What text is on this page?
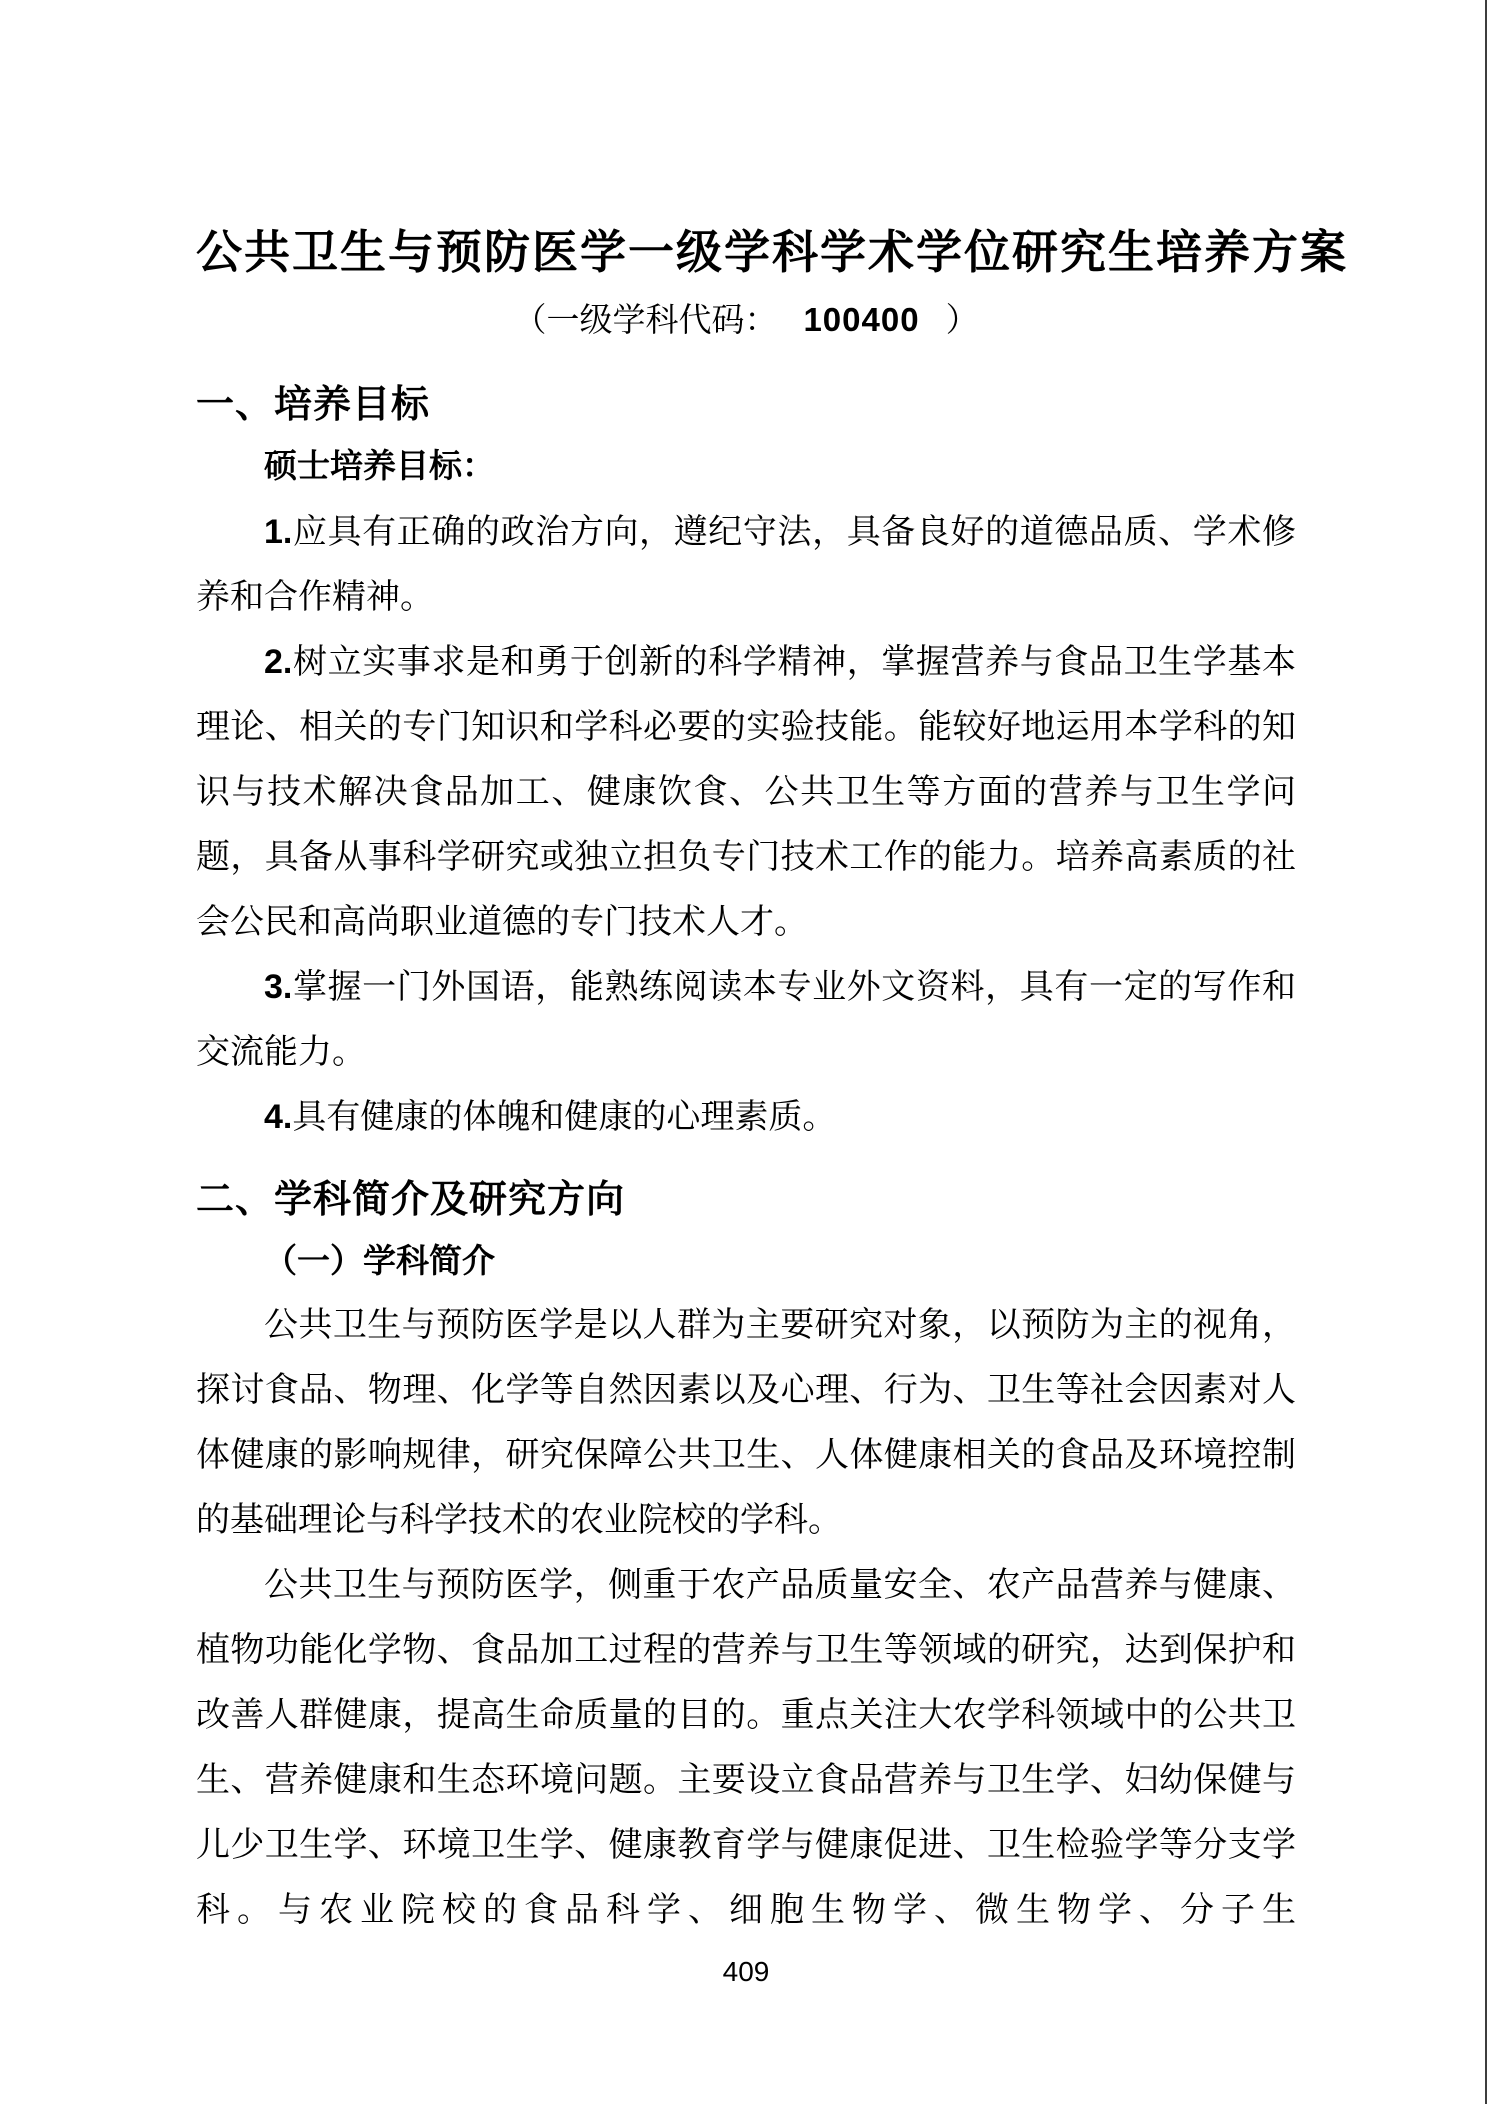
公共卫生与预防医学一级学科学术学位研究生培养方案
（一级学科代码： 100400 ）
一、培养目标
硕士培养目标：

1.应具有正确的政治方向，遵纪守法，具备良好的道德品质、学术修养和合作精神。

2.树立实事求是和勇于创新的科学精神，掌握营养与食品卫生学基本理论、相关的专门知识和学科必要的实验技能。能较好地运用本学科的知识与技术解决食品加工、健康饮食、公共卫生等方面的营养与卫生学问题，具备从事科学研究或独立担负专门技术工作的能力。培养高素质的社会公民和高尚职业道德的专门技术人才。

3.掌握一门外国语，能熟练阅读本专业外文资料，具有一定的写作和交流能力。

4.具有健康的体魄和健康的心理素质。

二、学科简介及研究方向
（一）学科简介

公共卫生与预防医学是以人群为主要研究对象，以预防为主的视角，探讨食品、物理、化学等自然因素以及心理、行为、卫生等社会因素对人体健康的影响规律，研究保障公共卫生、人体健康相关的食品及环境控制的基础理论与科学技术的农业院校的学科。

公共卫生与预防医学，侧重于农产品质量安全、农产品营养与健康、植物功能化学物、食品加工过程的营养与卫生等领域的研究，达到保护和改善人群健康，提高生命质量的目的。重点关注大农学科领域中的公共卫生、营养健康和生态环境问题。主要设立食品营养与卫生学、妇幼保健与儿少卫生学、环境卫生学、健康教育学与健康促进、卫生检验学等分支学科。与农业院校的食品科学、细胞生物学、微生物学、分子生

409
